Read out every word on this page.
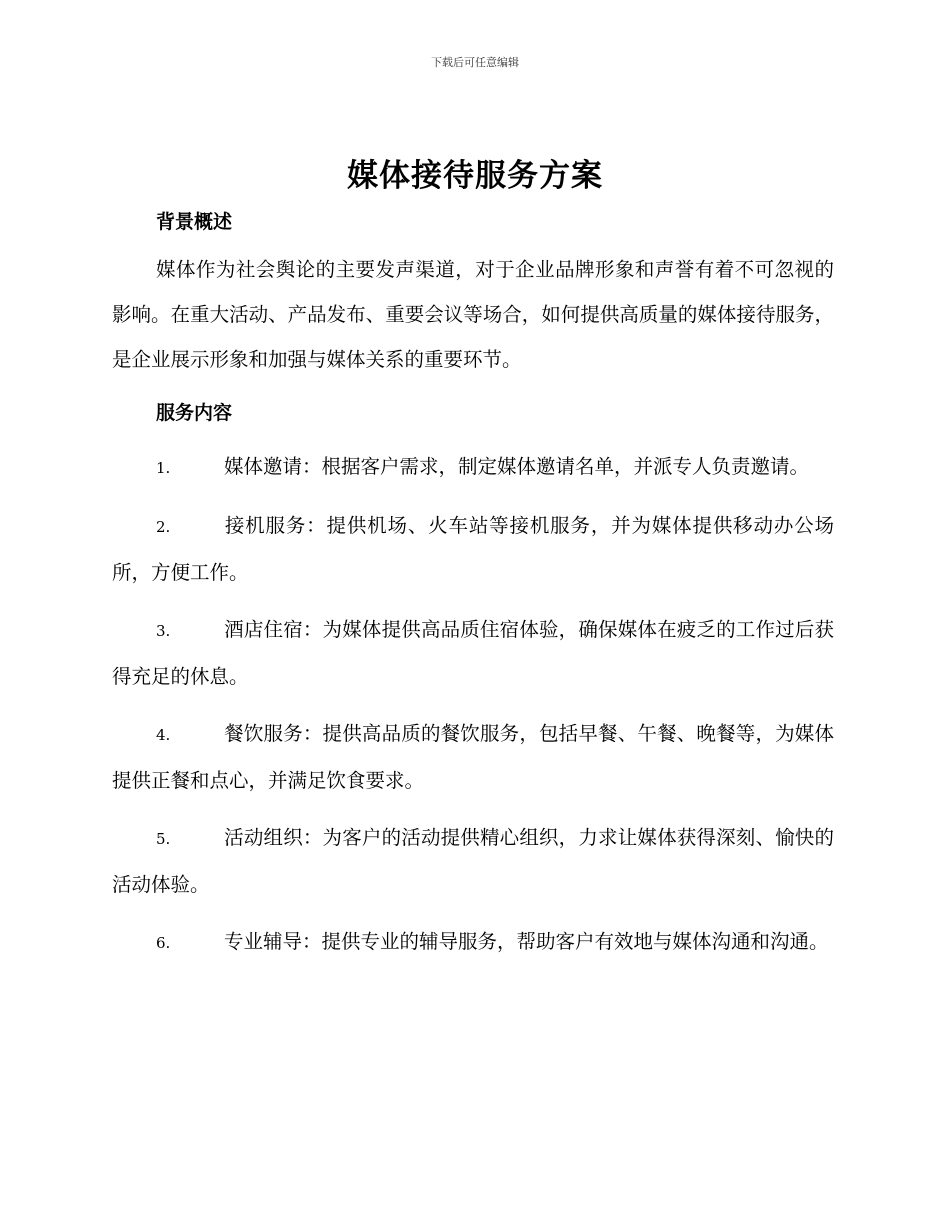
下载后可任意编辑
媒体接待服务方案
背景概述

媒体作为社会舆论的主要发声渠道，对于企业品牌形象和声誉有着不可忽视的影响。在重大活动、产品发布、重要会议等场合，如何提供高质量的媒体接待服务，是企业展示形象和加强与媒体关系的重要环节。

服务内容
1.	媒体邀请：根据客户需求，制定媒体邀请名单，并派专人负责邀请。
2.	接机服务：提供机场、火车站等接机服务，并为媒体提供移动办公场所，方便工作。
3.	酒店住宿：为媒体提供高品质住宿体验，确保媒体在疲乏的工作过后获得充足的休息。
4.	餐饮服务：提供高品质的餐饮服务，包括早餐、午餐、晚餐等，为媒体提供正餐和点心，并满足饮食要求。
5.	活动组织：为客户的活动提供精心组织，力求让媒体获得深刻、愉快的活动体验。
6.	专业辅导：提供专业的辅导服务，帮助客户有效地与媒体沟通和沟通。
